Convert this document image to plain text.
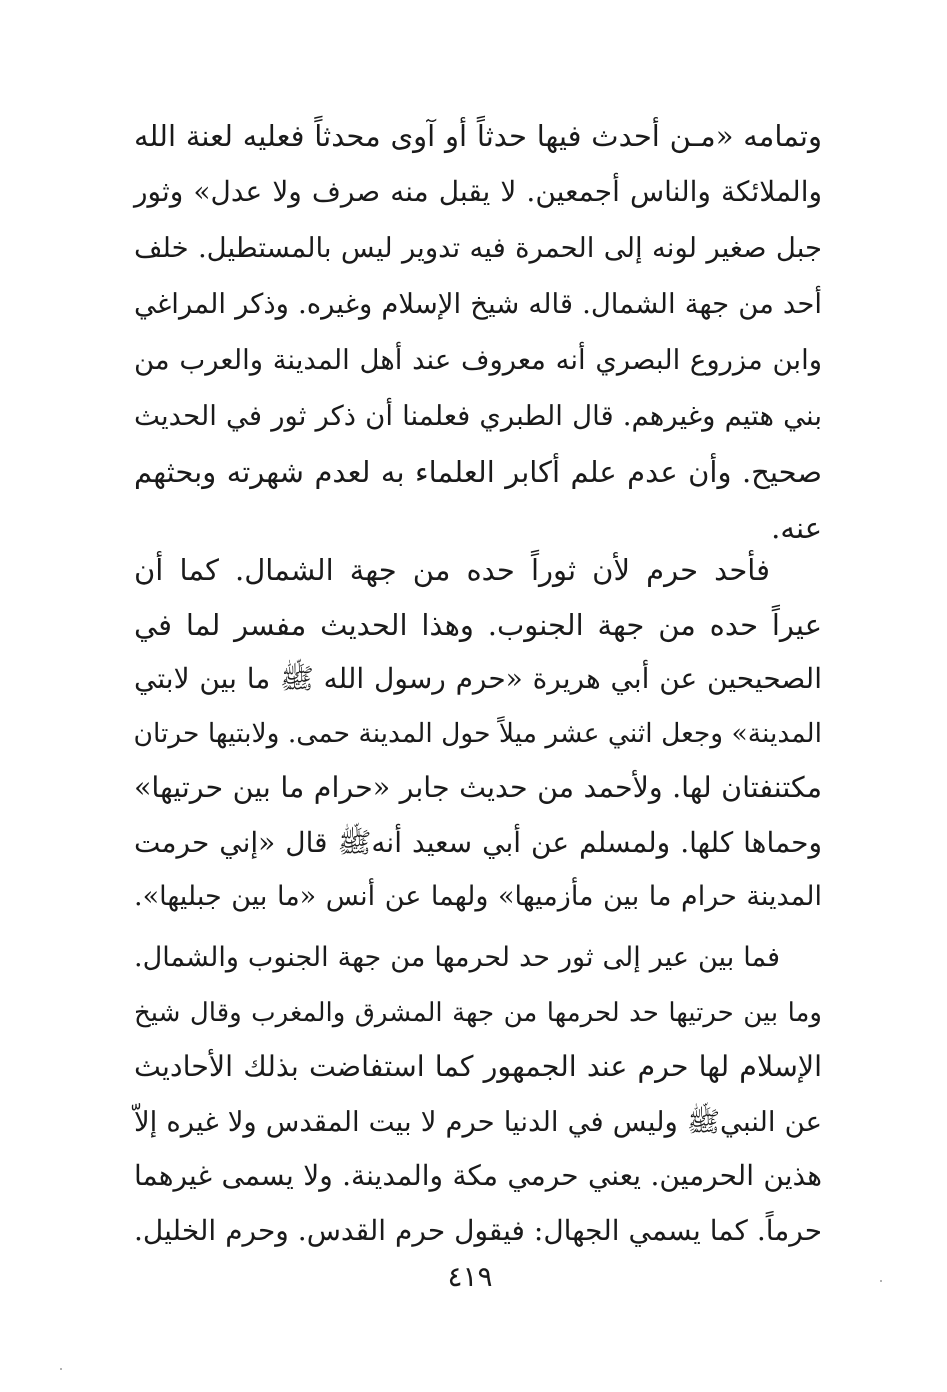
وتمامه «مـن أحدث فيها حدثاً أو آوى محدثاً فعليه لعنة الله
والملائكة والناس أجمعين. لا يقبل منه صرف ولا عدل» وثور
جبل صغير لونه إلى الحمرة فيه تدوير ليس بالمستطيل. خلف
أحد من جهة الشمال. قاله شيخ الإسلام وغيره. وذكر المراغي
وابن مزروع البصري أنه معروف عند أهل المدينة والعرب من
بني هتيم وغيرهم. قال الطبري فعلمنا أن ذكر ثور في الحديث
صحيح. وأن عدم علم أكابر العلماء به لعدم شهرته وبحثهم
عنه.
فأحد حرم لأن ثوراً حده من جهة الشمال. كما أن
عيراً حده من جهة الجنوب. وهذا الحديث مفسر لما في
الصحيحين عن أبي هريرة «حرم رسول الله ﷺ ما بين لابتي
المدينة» وجعل اثني عشر ميلاً حول المدينة حمى. ولابتيها حرتان
مكتنفتان لها. ولأحمد من حديث جابر «حرام ما بين حرتيها»
وحماها كلها. ولمسلم عن أبي سعيد أنهﷺ قال «إني حرمت
المدينة حرام ما بين مأزميها» ولهما عن أنس «ما بين جبليها».
فما بين عير إلى ثور حد لحرمها من جهة الجنوب والشمال.
وما بين حرتيها حد لحرمها من جهة المشرق والمغرب وقال شيخ
الإسلام لها حرم عند الجمهور كما استفاضت بذلك الأحاديث
عن النبيﷺ وليس في الدنيا حرم لا بيت المقدس ولا غيره إلاّ
هذين الحرمين. يعني حرمي مكة والمدينة. ولا يسمى غيرهما
حرماً. كما يسمي الجهال: فيقول حرم القدس. وحرم الخليل.
٤١٩
